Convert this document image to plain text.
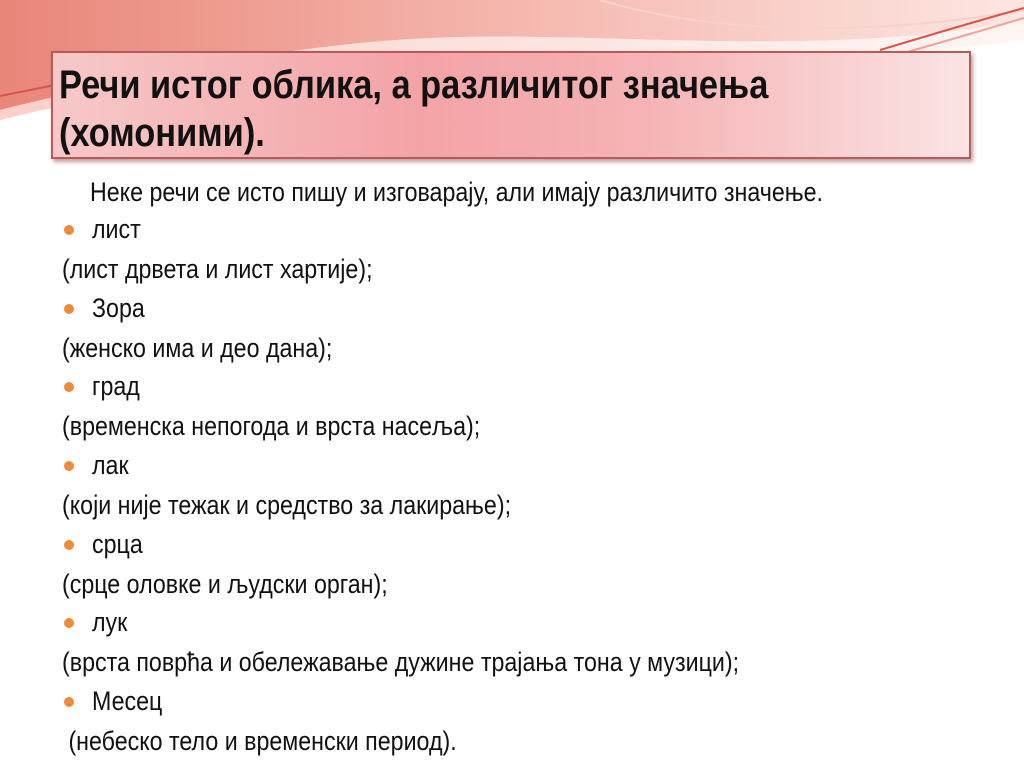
Речи истог облика, а различитог значења (хомоними).
Неке речи се исто пишу и изговарају, али имају различито значење.
лист
(лист дрвета и лист хартије);
Зора
(женско има и део дана);
град
(временска непогода и врста насеља);
лак
(који није тежак и средство за лакирање);
срца
(срце оловке и људски орган);
лук
(врста поврћа и обележавање дужине трајања тона у музици);
Месец
(небеско тело и временски период).
